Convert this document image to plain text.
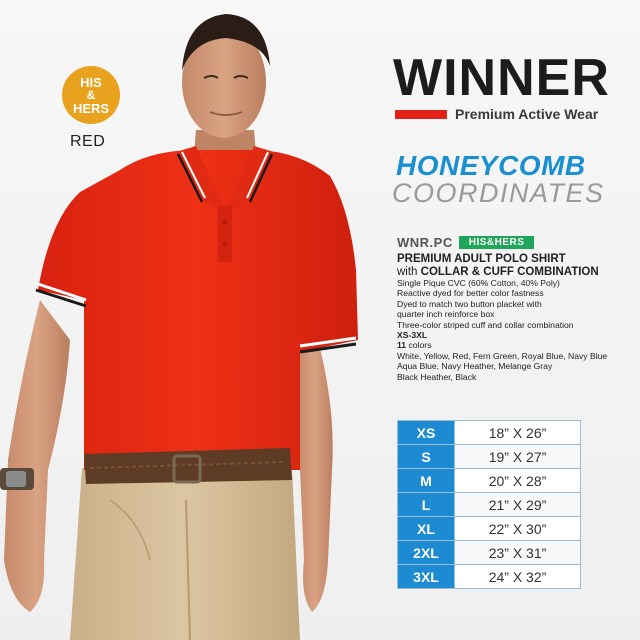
HIS
&
HERS
RED
WINNER
Premium Active Wear
HONEYCOMB
COORDINATES
WNR.PC	HIS&HERS
PREMIUM ADULT POLO SHIRT
with COLLAR & CUFF COMBINATION
Single Pique CVC (60% Cotton, 40% Poly)
Reactive dyed for better color fastness
Dyed to match two button placket with
quarter inch reinforce box
Three-color striped cuff and collar combination
XS-3XL
11 colors
White, Yellow, Red, Fern Green, Royal Blue, Navy Blue
Aqua Blue, Navy Heather, Melange Gray
Black Heather, Black
XS	18” X 26”
S	19” X 27”
M	20” X 28”
L	21” X 29”
XL	22” X 30”
2XL	23” X 31”
3XL	24” X 32”
